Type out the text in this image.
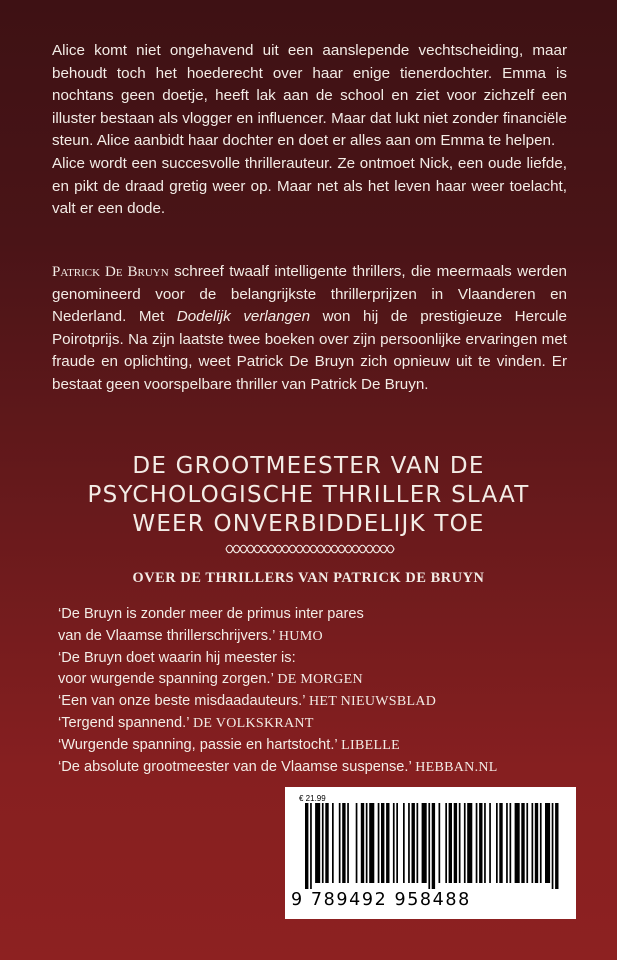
Alice komt niet ongehavend uit een aanslepende vechtscheiding, maar behoudt toch het hoederecht over haar enige tienerdochter. Emma is nochtans geen doetje, heeft lak aan de school en ziet voor zichzelf een illuster bestaan als vlogger en influencer. Maar dat lukt niet zonder financiële steun. Alice aanbidt haar dochter en doet er alles aan om Emma te helpen.

Alice wordt een succesvolle thrillerauteur. Ze ontmoet Nick, een oude liefde, en pikt de draad gretig weer op. Maar net als het leven haar weer toelacht, valt er een dode.

Patrick De Bruyn schreef twaalf intelligente thrillers, die meermaals werden genomineerd voor de belangrijkste thrillerprijzen in Vlaanderen en Nederland. Met Dodelijk verlangen won hij de prestigieuze Hercule Poirotprijs. Na zijn laatste twee boeken over zijn persoonlijke ervaringen met fraude en oplichting, weet Patrick De Bruyn zich opnieuw uit te vinden. Er bestaat geen voorspelbare thriller van Patrick De Bruyn.
DE GROOTMEESTER VAN DE
PSYCHOLOGISCHE THRILLER SLAAT
WEER ONVERBIDDELIJK TOE
OVER DE THRILLERS VAN PATRICK DE BRUYN
‘De Bruyn is zonder meer de primus inter pares
van de Vlaamse thrillerschrijvers.’ HUMO
‘De Bruyn doet waarin hij meester is:
voor wurgende spanning zorgen.’ DE MORGEN
‘Een van onze beste misdaadauteurs.’ HET NIEUWSBLAD
‘Tergend spannend.’ DE VOLKSKRANT
‘Wurgende spanning, passie en hartstocht.’ LIBELLE
‘De absolute grootmeester van de Vlaamse suspense.’ HEBBAN.NL
€ 21.99
9 789492 958488
